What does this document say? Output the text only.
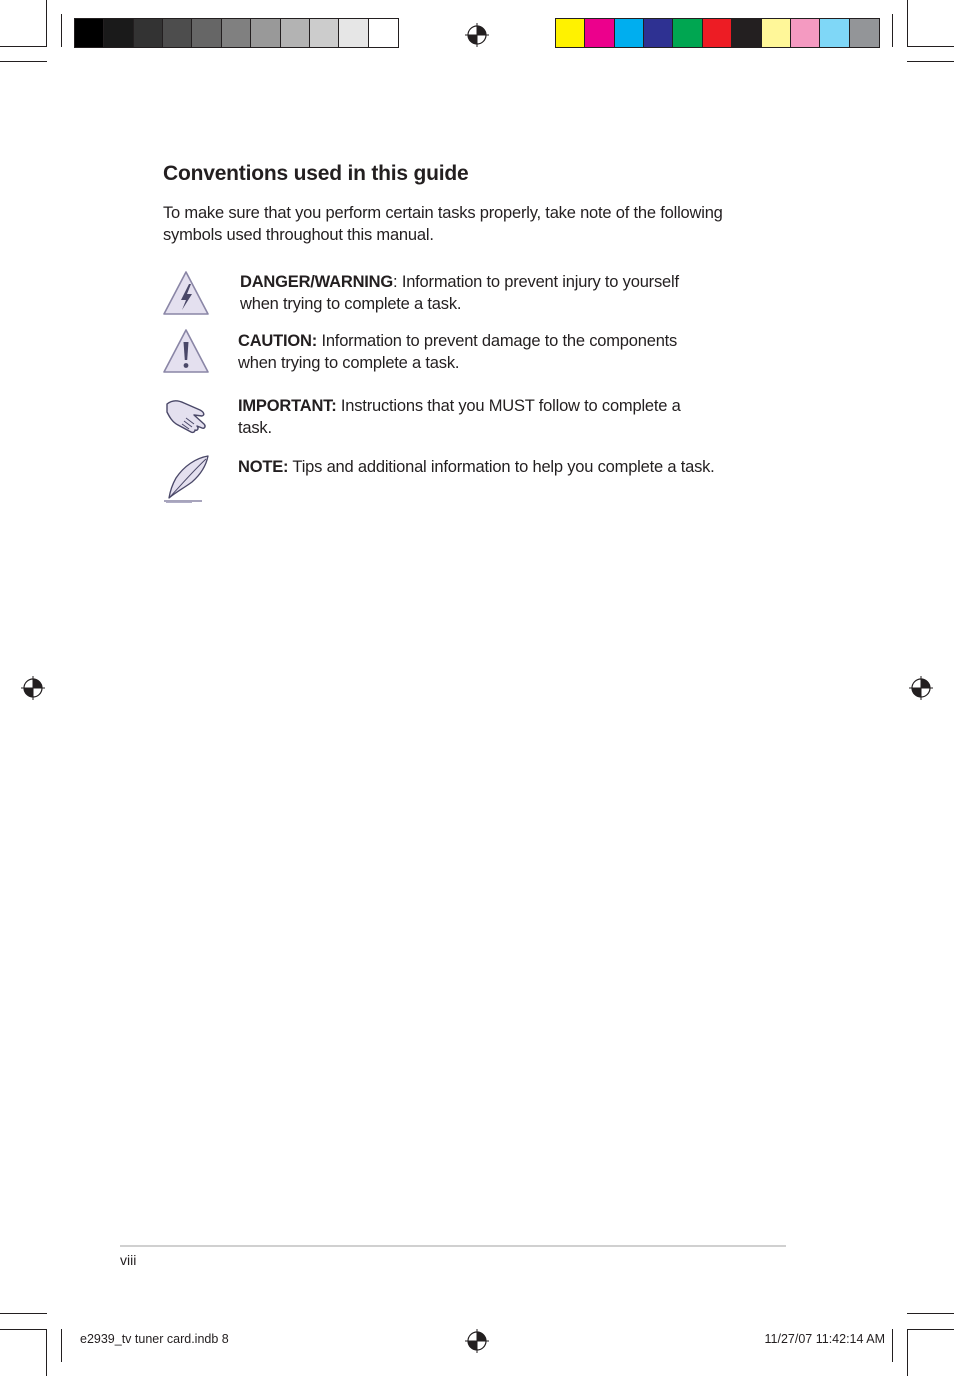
Conventions used in this guide

To make sure that you perform certain tasks properly, take note of the following symbols used throughout this manual.

DANGER/WARNING: Information to prevent injury to yourself when trying to complete a task.

CAUTION: Information to prevent damage to the components when trying to complete a task.

IMPORTANT: Instructions that you MUST follow to complete a task.

NOTE: Tips and additional information to help you complete a task.

viii
e2939_tv tuner card.indb 8	11/27/07 11:42:14 AM
